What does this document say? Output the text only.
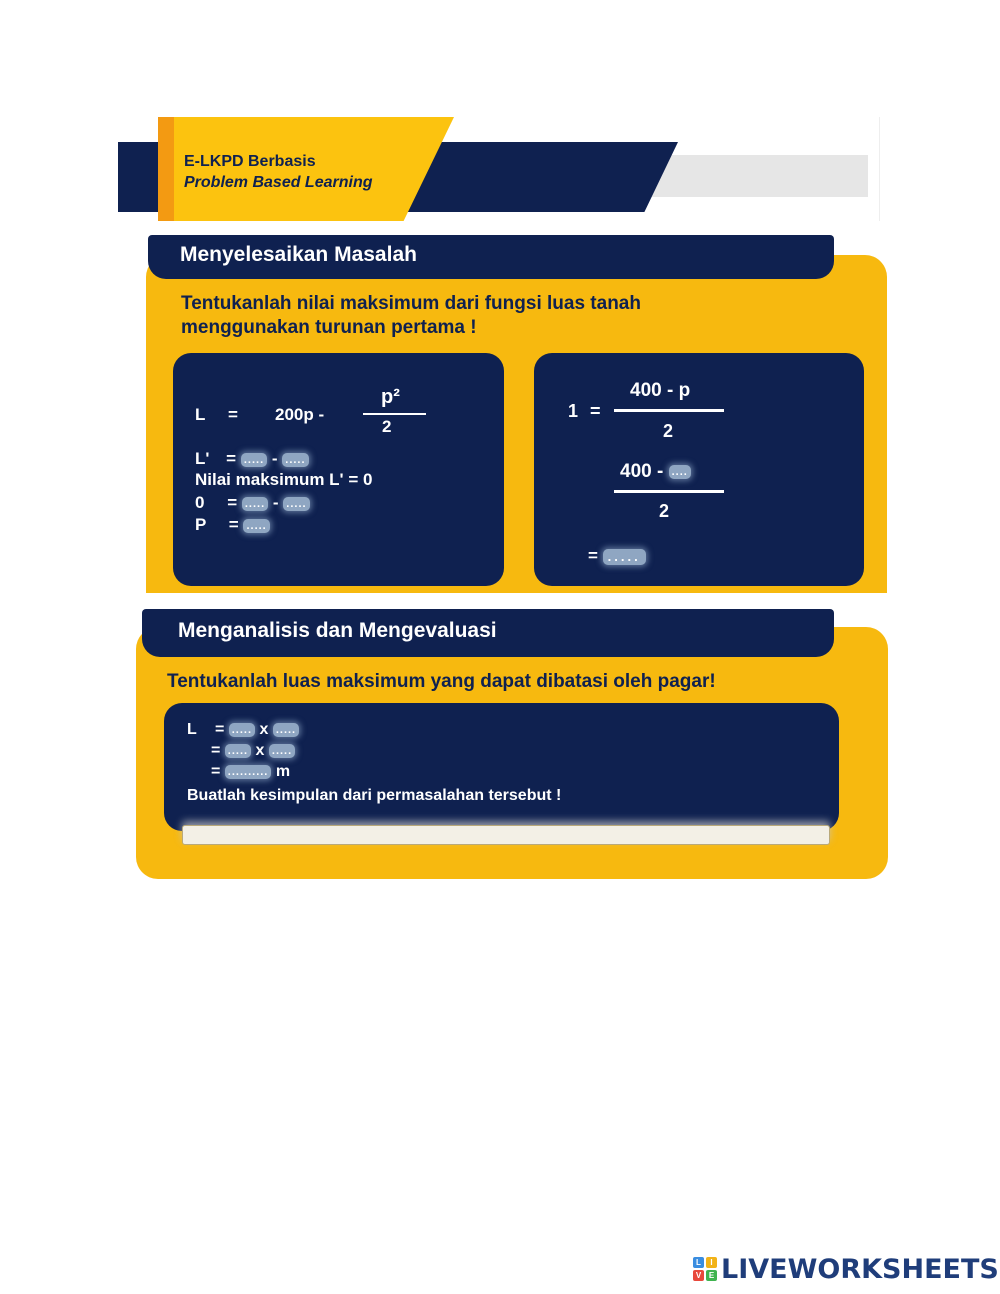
E-LKPD Berbasis
Problem Based Learning
Menyelesaikan Masalah
Tentukanlah nilai maksimum dari fungsi luas tanah
menggunakan turunan pertama !
L = 200p -
p²
2
L' = ..... - .....
Nilai maksimum L' = 0
0 = ..... - .....
P = .....
1 =
400 - p
2
400 - ....
2
= .....
Menganalisis dan Mengevaluasi
Tentukanlah luas maksimum yang dapat dibatasi oleh pagar!
L = ..... x .....
= ..... x .....
= .......... m
Buatlah kesimpulan dari permasalahan tersebut !
L	I
V E LIVEWORKSHEETS
